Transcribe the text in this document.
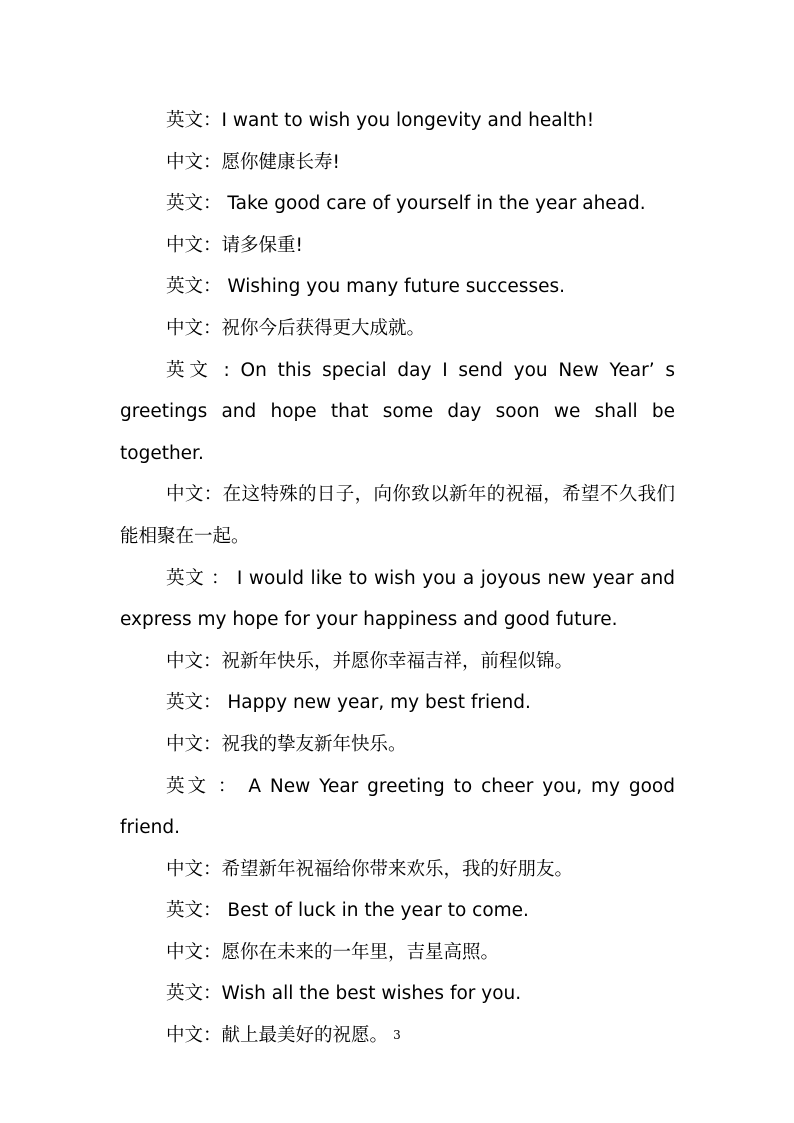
英文：I want to wish you longevity and health!

中文：愿你健康长寿!

英文： Take good care of yourself in the year ahead.

中文：请多保重!

英文： Wishing you many future successes.

中文：祝你今后获得更大成就。

英文 : On this special day I send you New Year’ s greetings and hope that some day soon we shall be together.

中文：在这特殊的日子，向你致以新年的祝福，希望不久我们能相聚在一起。

英文 ： I would like to wish you a joyous new year and express my hope for your happiness and good future.

中文：祝新年快乐，并愿你幸福吉祥，前程似锦。

英文： Happy new year, my best friend.

中文：祝我的挚友新年快乐。

英文 ： A New Year greeting to cheer you, my good friend.

中文：希望新年祝福给你带来欢乐，我的好朋友。

英文： Best of luck in the year to come.

中文：愿你在未来的一年里，吉星高照。

英文：Wish all the best wishes for you.

中文：献上最美好的祝愿。 3
